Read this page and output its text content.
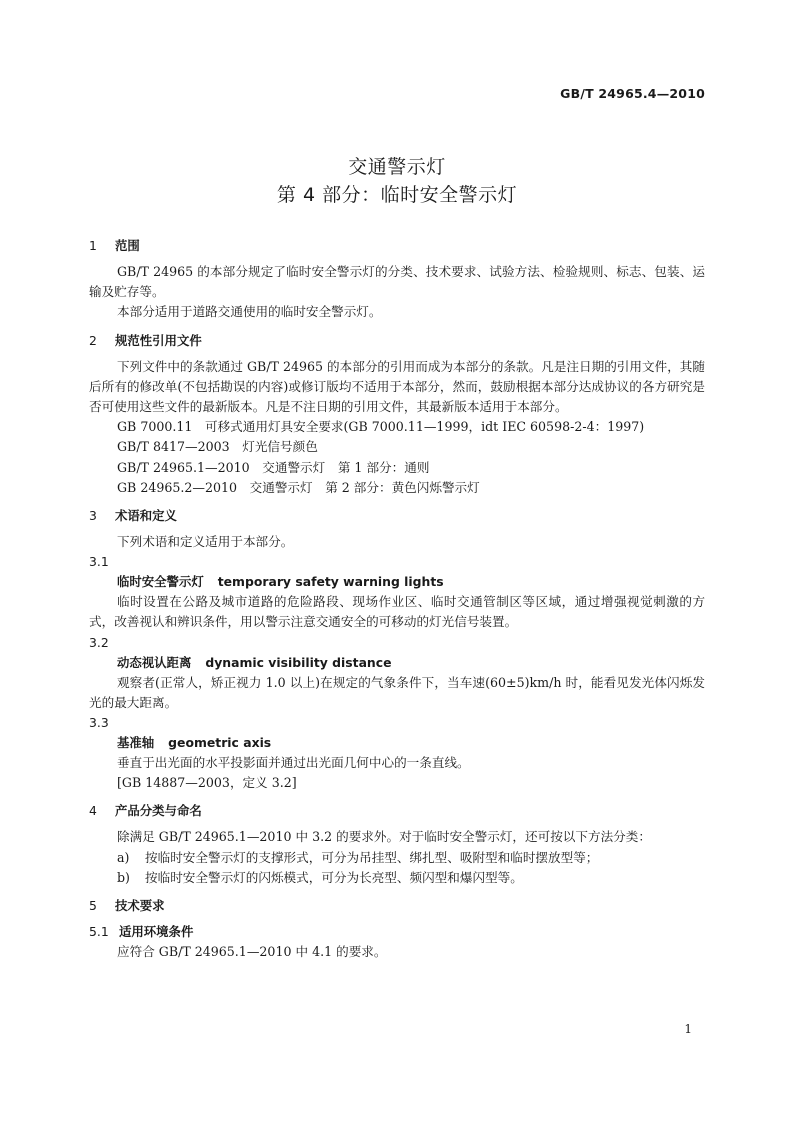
GB/T 24965.4—2010
交通警示灯
第 4 部分：临时安全警示灯

1 范围

GB/T 24965 的本部分规定了临时安全警示灯的分类、技术要求、试验方法、检验规则、标志、包装、运输及贮存等。

本部分适用于道路交通使用的临时安全警示灯。

2 规范性引用文件

下列文件中的条款通过 GB/T 24965 的本部分的引用而成为本部分的条款。凡是注日期的引用文件，其随后所有的修改单(不包括勘误的内容)或修订版均不适用于本部分，然而，鼓励根据本部分达成协议的各方研究是否可使用这些文件的最新版本。凡是不注日期的引用文件，其最新版本适用于本部分。

GB 7000.11　可移式通用灯具安全要求(GB 7000.11—1999，idt IEC 60598-2-4：1997)

GB/T 8417—2003　灯光信号颜色

GB/T 24965.1—2010　交通警示灯　第 1 部分：通则

GB 24965.2—2010　交通警示灯　第 2 部分：黄色闪烁警示灯

3 术语和定义

下列术语和定义适用于本部分。

3.1

临时安全警示灯 temporary safety warning lights

临时设置在公路及城市道路的危险路段、现场作业区、临时交通管制区等区域，通过增强视觉刺激的方式，改善视认和辨识条件，用以警示注意交通安全的可移动的灯光信号装置。

3.2

动态视认距离 dynamic visibility distance

观察者(正常人，矫正视力 1.0 以上)在规定的气象条件下，当车速(60±5)km/h 时，能看见发光体闪烁发光的最大距离。

3.3

基准轴 geometric axis

垂直于出光面的水平投影面并通过出光面几何中心的一条直线。

[GB 14887—2003，定义 3.2]

4 产品分类与命名

除满足 GB/T 24965.1—2010 中 3.2 的要求外。对于临时安全警示灯，还可按以下方法分类：

a) 按临时安全警示灯的支撑形式，可分为吊挂型、绑扎型、吸附型和临时摆放型等；

b) 按临时安全警示灯的闪烁模式，可分为长亮型、频闪型和爆闪型等。

5 技术要求

5.1 适用环境条件

应符合 GB/T 24965.1—2010 中 4.1 的要求。

1
